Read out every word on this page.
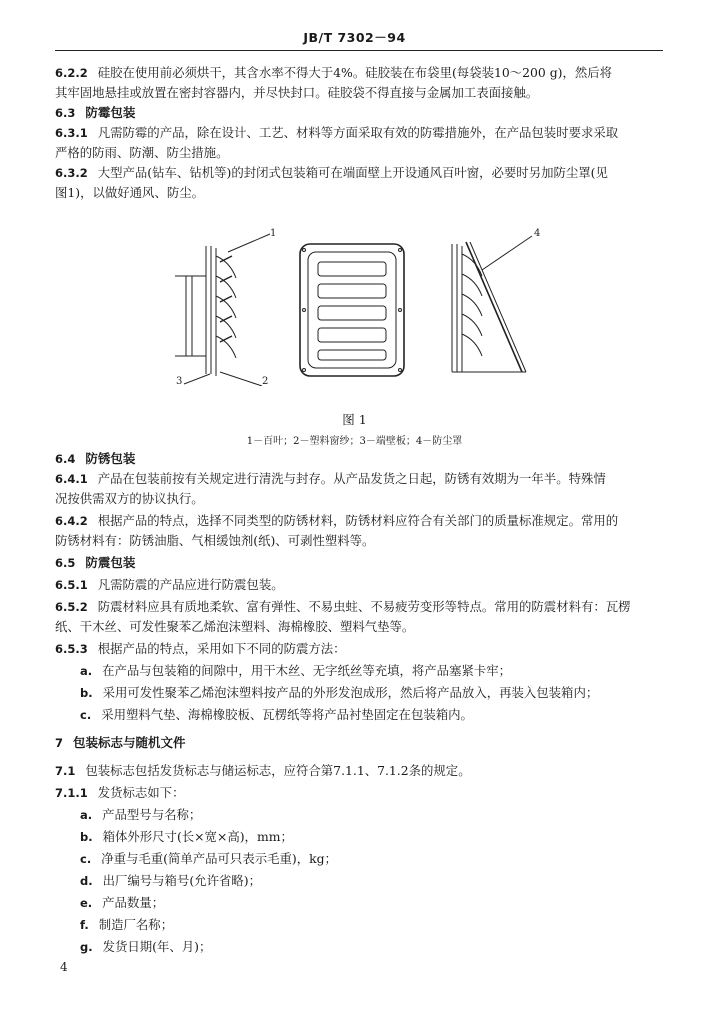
JB/T 7302－94
6.2.2 硅胶在使用前必须烘干，其含水率不得大于4%。硅胶装在布袋里(每袋装10～200 g)，然后将
其牢固地悬挂或放置在密封容器内，并尽快封口。硅胶袋不得直接与金属加工表面接触。
6.3 防霉包装
6.3.1 凡需防霉的产品，除在设计、工艺、材料等方面采取有效的防霉措施外，在产品包装时要求采取
严格的防雨、防潮、防尘措施。
6.3.2 大型产品(钻车、钻机等)的封闭式包装箱可在端面壁上开设通风百叶窗，必要时另加防尘罩(见
图1)，以做好通风、防尘。
1
2
3
4
图 1
1－百叶；2－塑料窗纱；3－端壁板；4－防尘罩
6.4 防锈包装
6.4.1 产品在包装前按有关规定进行清洗与封存。从产品发货之日起，防锈有效期为一年半。特殊情
况按供需双方的协议执行。
6.4.2 根据产品的特点，选择不同类型的防锈材料，防锈材料应符合有关部门的质量标准规定。常用的
防锈材料有：防锈油脂、气相缓蚀剂(纸)、可剥性塑料等。
6.5 防震包装
6.5.1 凡需防震的产品应进行防震包装。
6.5.2 防震材料应具有质地柔软、富有弹性、不易虫蛀、不易疲劳变形等特点。常用的防震材料有：瓦楞
纸、干木丝、可发性聚苯乙烯泡沫塑料、海棉橡胶、塑料气垫等。
6.5.3 根据产品的特点，采用如下不同的防震方法：
a. 在产品与包装箱的间隙中，用干木丝、无字纸丝等充填，将产品塞紧卡牢；
b. 采用可发性聚苯乙烯泡沫塑料按产品的外形发泡成形，然后将产品放入，再装入包装箱内；
c. 采用塑料气垫、海棉橡胶板、瓦楞纸等将产品衬垫固定在包装箱内。
7 包装标志与随机文件
7.1 包装标志包括发货标志与储运标志，应符合第7.1.1、7.1.2条的规定。
7.1.1 发货标志如下：
a. 产品型号与名称；
b. 箱体外形尺寸(长×宽×高)，mm；
c. 净重与毛重(简单产品可只表示毛重)，kg；
d. 出厂编号与箱号(允许省略)；
e. 产品数量；
f. 制造厂名称；
g. 发货日期(年、月)；
4
